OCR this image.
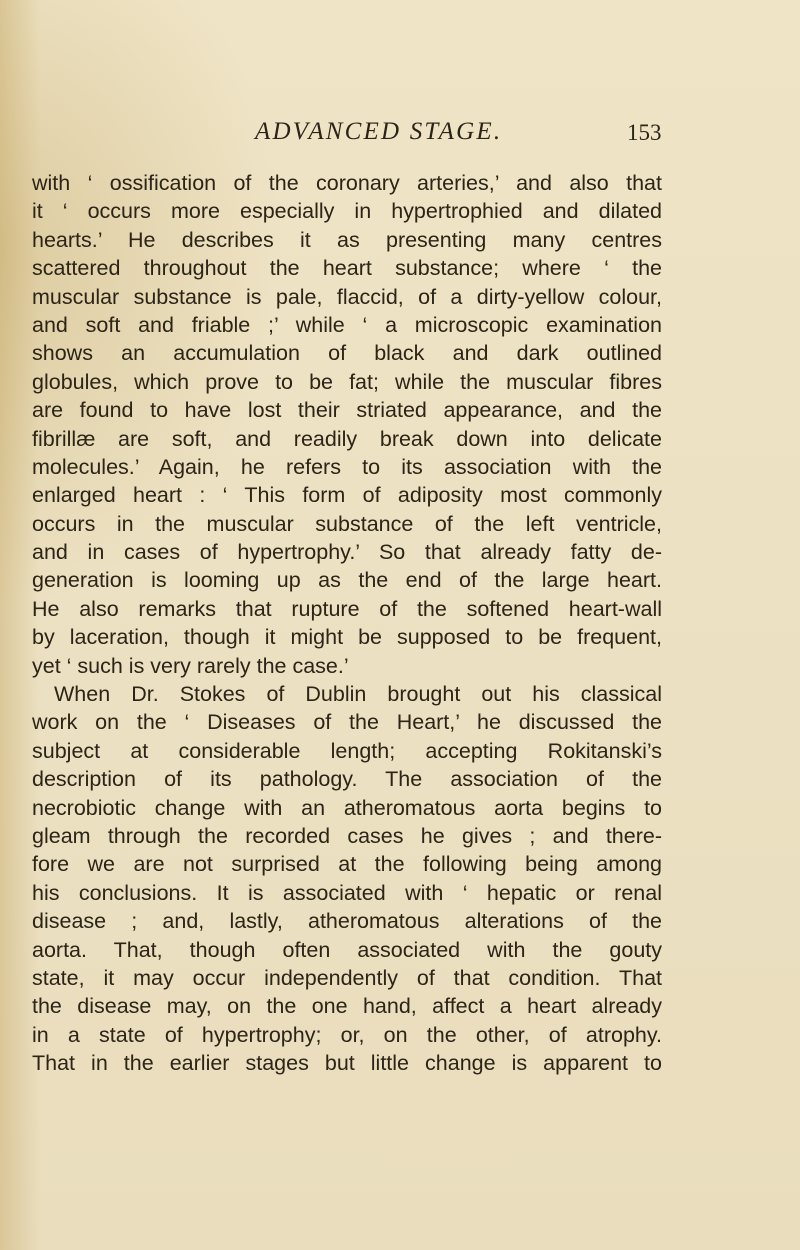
ADVANCED STAGE.	153
with ‘ ossification of the coronary arteries,’ and also that
it ‘ occurs more especially in hypertrophied and dilated
hearts.’ He describes it as presenting many centres
scattered throughout the heart substance; where ‘ the
muscular substance is pale, flaccid, of a dirty-yellow colour,
and soft and friable ;’ while ‘ a microscopic examination
shows an accumulation of black and dark outlined
globules, which prove to be fat; while the muscular fibres
are found to have lost their striated appearance, and the
fibrillæ are soft, and readily break down into delicate
molecules.’ Again, he refers to its association with the
enlarged heart : ‘ This form of adiposity most commonly
occurs in the muscular substance of the left ventricle,
and in cases of hypertrophy.’ So that already fatty de-
generation is looming up as the end of the large heart.
He also remarks that rupture of the softened heart-wall
by laceration, though it might be supposed to be frequent,
yet ‘ such is very rarely the case.’
When Dr. Stokes of Dublin brought out his classical
work on the ‘ Diseases of the Heart,’ he discussed the
subject at considerable length; accepting Rokitanski’s
description of its pathology. The association of the
necrobiotic change with an atheromatous aorta begins to
gleam through the recorded cases he gives ; and there-
fore we are not surprised at the following being among
his conclusions. It is associated with ‘ hepatic or renal
disease ; and, lastly, atheromatous alterations of the
aorta. That, though often associated with the gouty
state, it may occur independently of that condition. That
the disease may, on the one hand, affect a heart already
in a state of hypertrophy; or, on the other, of atrophy.
That in the earlier stages but little change is apparent to
